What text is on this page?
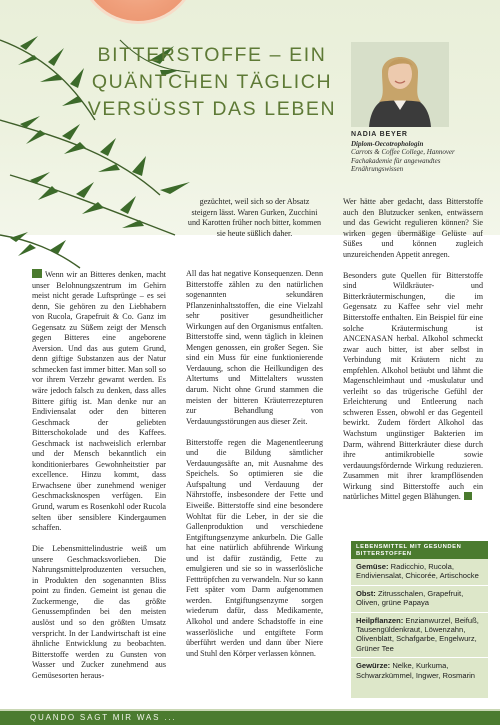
BITTERSTOFFE – EIN
QUÄNTCHEN TÄGLICH
VERSÜSST DAS LEBEN
NADIA BEYER
Diplom-Oecotrophologin
Carrots & Coffee College, Hannover
Fachakademie für angewandtes
Ernährungswissen

gezüchtet, weil sich so der Absatz steigern lässt. Waren Gurken, Zucchini und Karotten früher noch bitter, kommen sie heute süßlich daher.

Wenn wir an Bitteres denken, macht unser Belohnungszentrum im Gehirn meist nicht gerade Luftsprünge – es sei denn, Sie gehören zu den Liebhabern von Rucola, Grapefruit & Co. Ganz im Gegensatz zu Süßem zeigt der Mensch gegen Bitteres eine angeborene Aversion. Und das aus gutem Grund, denn giftige Substanzen aus der Natur schmecken fast immer bitter. Man soll so vor ihrem Verzehr gewarnt werden. Es wäre jedoch falsch zu denken, dass alles Bittere giftig ist. Man denke nur an Endiviensalat oder den bitteren Geschmack der geliebten Bitterschokolade und des Kaffees. Geschmack ist nachweislich erlernbar und der Mensch bekanntlich ein konditionierbares Gewohnheitstier par excellence. Hinzu kommt, dass Erwachsene über zunehmend weniger Geschmacksknospen verfügen. Ein Grund, warum es Rosenkohl oder Rucola selten über sensiblere Kindergaumen schaffen.

Die Lebensmittelindustrie weiß um unsere Geschmacksvorlieben. Die Nahrungsmittelproduzenten versuchen, in Produkten den sogenannten Bliss point zu finden. Gemeint ist genau die Zuckermenge, die das größte Genussempfinden bei den meisten auslöst und so den größten Umsatz verspricht. In der Landwirtschaft ist eine ähnliche Entwicklung zu beobachten. Bitterstoffe werden zu Gunsten von Wasser und Zucker zunehmend aus Gemüsesorten heraus-

All das hat negative Konsequenzen. Denn Bitterstoffe zählen zu den natürlichen sogenannten sekundären Pflanzeninhaltsstoffen, die eine Vielzahl sehr positiver gesundheitlicher Wirkungen auf den Organismus entfalten. Bitterstoffe sind, wenn täglich in kleinen Mengen genossen, ein großer Segen. Sie sind ein Muss für eine funktionierende Verdauung, schon die Heilkundigen des Altertums und Mittelalters wussten darum. Nicht ohne Grund stammen die meisten der bitteren Kräuterrezepturen zur Behandlung von Verdauungsstörungen aus dieser Zeit.

Bitterstoffe regen die Magenentleerung und die Bildung sämtlicher Verdauungssäfte an, mit Ausnahme des Speichels. So optimieren sie die Aufspaltung und Verdauung der Nährstoffe, insbesondere der Fette und Eiweiße. Bitterstoffe sind eine besondere Wohltat für die Leber, in der sie die Gallenproduktion und verschiedene Entgiftungsenzyme ankurbeln. Die Galle hat eine natürlich abführende Wirkung und ist dafür zuständig, Fette zu emulgieren und sie so in wasserlösliche Fetttröpfchen zu verwandeln. Nur so kann Fett später vom Darm aufgenommen werden. Entgiftungsenzyme sorgen wiederum dafür, dass Medikamente, Alkohol und andere Schadstoffe in eine wasserlösliche und entgiftete Form überführt werden und dann über Niere und Stuhl den Körper verlassen können.

Wer hätte aber gedacht, dass Bitterstoffe auch den Blutzucker senken, entwässern und das Gewicht regulieren können? Sie wirken gegen übermäßige Gelüste auf Süßes und können zugleich unzureichenden Appetit anregen.

Besonders gute Quellen für Bitterstoffe sind Wildkräuter- und Bitterkräutermischungen, die im Gegensatz zu Kaffee sehr viel mehr Bitterstoffe enthalten. Ein Beispiel für eine solche Kräutermischung ist ANCENASAN herbal. Alkohol schmeckt zwar auch bitter, ist aber selbst in Verbindung mit Kräutern nicht zu empfehlen. Alkohol betäubt und lähmt die Magenschleimhaut und -muskulatur und verleiht so das trügerische Gefühl der Erleichterung und Entleerung nach schweren Essen, obwohl er das Gegenteil bewirkt. Zudem fördert Alkohol das Wachstum ungünstiger Bakterien im Darm, während Bitterkräuter diese durch ihre antimikrobielle sowie verdauungsfördernde Wirkung reduzieren. Zusammen mit ihrer krampflösenden Wirkung sind Bitterstoffe auch ein natürliches Mittel gegen Blähungen.

LEBENSMITTEL MIT GESUNDEN BITTERSTOFFEN
Gemüse: Radicchio, Rucola, Endiviensalat, Chicorée, Artischocke
Obst: Zitrusschalen, Grapefruit, Oliven, grüne Papaya
Heilpflanzen: Enzianwurzel, Beifuß, Tausengüldenkraut, Löwenzahn, Olivenblatt, Schafgarbe, Engelwurz, Grüner Tee
Gewürze: Nelke, Kurkuma, Schwarzkümmel, Ingwer, Rosmarin
QUANDO SAGT MIR WAS ...
